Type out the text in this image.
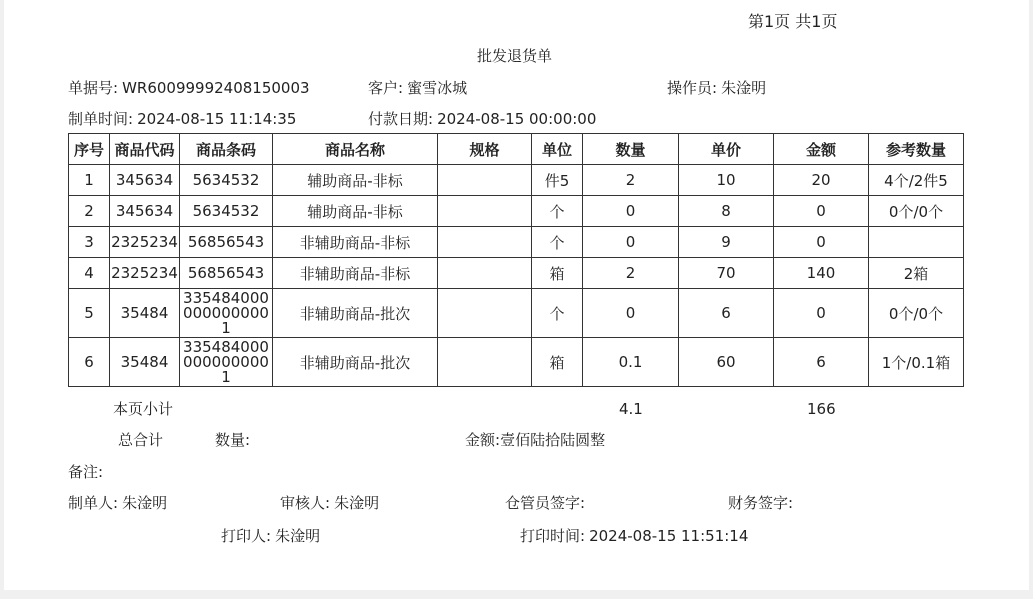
第1页 共1页
批发退货单
单据号: WR60099992408150003	客户: 蜜雪冰城	操作员: 朱淦明
制单时间: 2024-08-15 11:14:35	付款日期: 2024-08-15 00:00:00
序号	商品代码	商品条码	商品名称	规格	单位	数量	单价	金额	参考数量
1	345634	5634532	辅助商品-非标		件5	2	10	20	4个/2件5
2	345634	5634532	辅助商品-非标		个	0	8	0	0个/0个
3	2325234	56856543	非辅助商品-非标		个	0	9	0	
4	2325234	56856543	非辅助商品-非标		箱	2	70	140	2箱
5	35484	3354840000000000001	非辅助商品-批次		个	0	6	0	0个/0个
6	35484	3354840000000000001	非辅助商品-批次		箱	0.1	60	6	1个/0.1箱
本页小计	4.1	166
总合计	数量:	金额:壹佰陆拾陆圆整
备注:
制单人: 朱淦明	审核人: 朱淦明	仓管员签字:	财务签字:
打印人: 朱淦明	打印时间: 2024-08-15 11:51:14
